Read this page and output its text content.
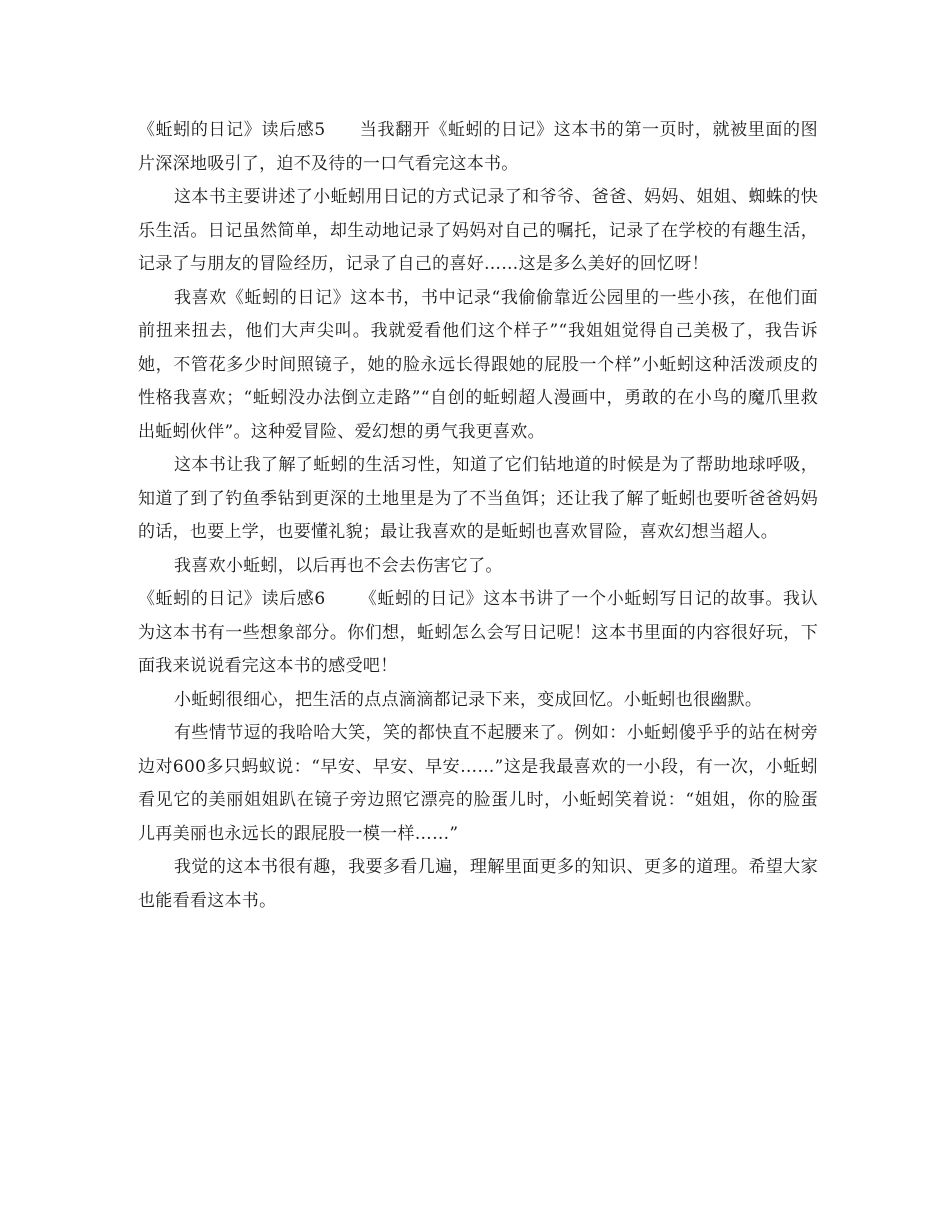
《蚯蚓的日记》读后感5 当我翻开《蚯蚓的日记》这本书的第一页时，就被里面的图片深深地吸引了，迫不及待的一口气看完这本书。

这本书主要讲述了小蚯蚓用日记的方式记录了和爷爷、爸爸、妈妈、姐姐、蜘蛛的快乐生活。日记虽然简单，却生动地记录了妈妈对自己的嘱托，记录了在学校的有趣生活，记录了与朋友的冒险经历，记录了自己的喜好……这是多么美好的回忆呀！

我喜欢《蚯蚓的日记》这本书，书中记录“我偷偷靠近公园里的一些小孩，在他们面前扭来扭去，他们大声尖叫。我就爱看他们这个样子”“我姐姐觉得自己美极了，我告诉她，不管花多少时间照镜子，她的脸永远长得跟她的屁股一个样”小蚯蚓这种活泼顽皮的性格我喜欢；“蚯蚓没办法倒立走路”“自创的蚯蚓超人漫画中，勇敢的在小鸟的魔爪里救出蚯蚓伙伴”。这种爱冒险、爱幻想的勇气我更喜欢。

这本书让我了解了蚯蚓的生活习性，知道了它们钻地道的时候是为了帮助地球呼吸，知道了到了钓鱼季钻到更深的土地里是为了不当鱼饵；还让我了解了蚯蚓也要听爸爸妈妈的话，也要上学，也要懂礼貌；最让我喜欢的是蚯蚓也喜欢冒险，喜欢幻想当超人。

我喜欢小蚯蚓，以后再也不会去伤害它了。

《蚯蚓的日记》读后感6 《蚯蚓的日记》这本书讲了一个小蚯蚓写日记的故事。我认为这本书有一些想象部分。你们想，蚯蚓怎么会写日记呢！这本书里面的内容很好玩，下面我来说说看完这本书的感受吧！

小蚯蚓很细心，把生活的点点滴滴都记录下来，变成回忆。小蚯蚓也很幽默。

有些情节逗的我哈哈大笑，笑的都快直不起腰来了。例如：小蚯蚓傻乎乎的站在树旁边对600多只蚂蚁说：“早安、早安、早安……”这是我最喜欢的一小段，有一次，小蚯蚓看见它的美丽姐姐趴在镜子旁边照它漂亮的脸蛋儿时，小蚯蚓笑着说：“姐姐，你的脸蛋儿再美丽也永远长的跟屁股一模一样……”

我觉的这本书很有趣，我要多看几遍，理解里面更多的知识、更多的道理。希望大家也能看看这本书。
